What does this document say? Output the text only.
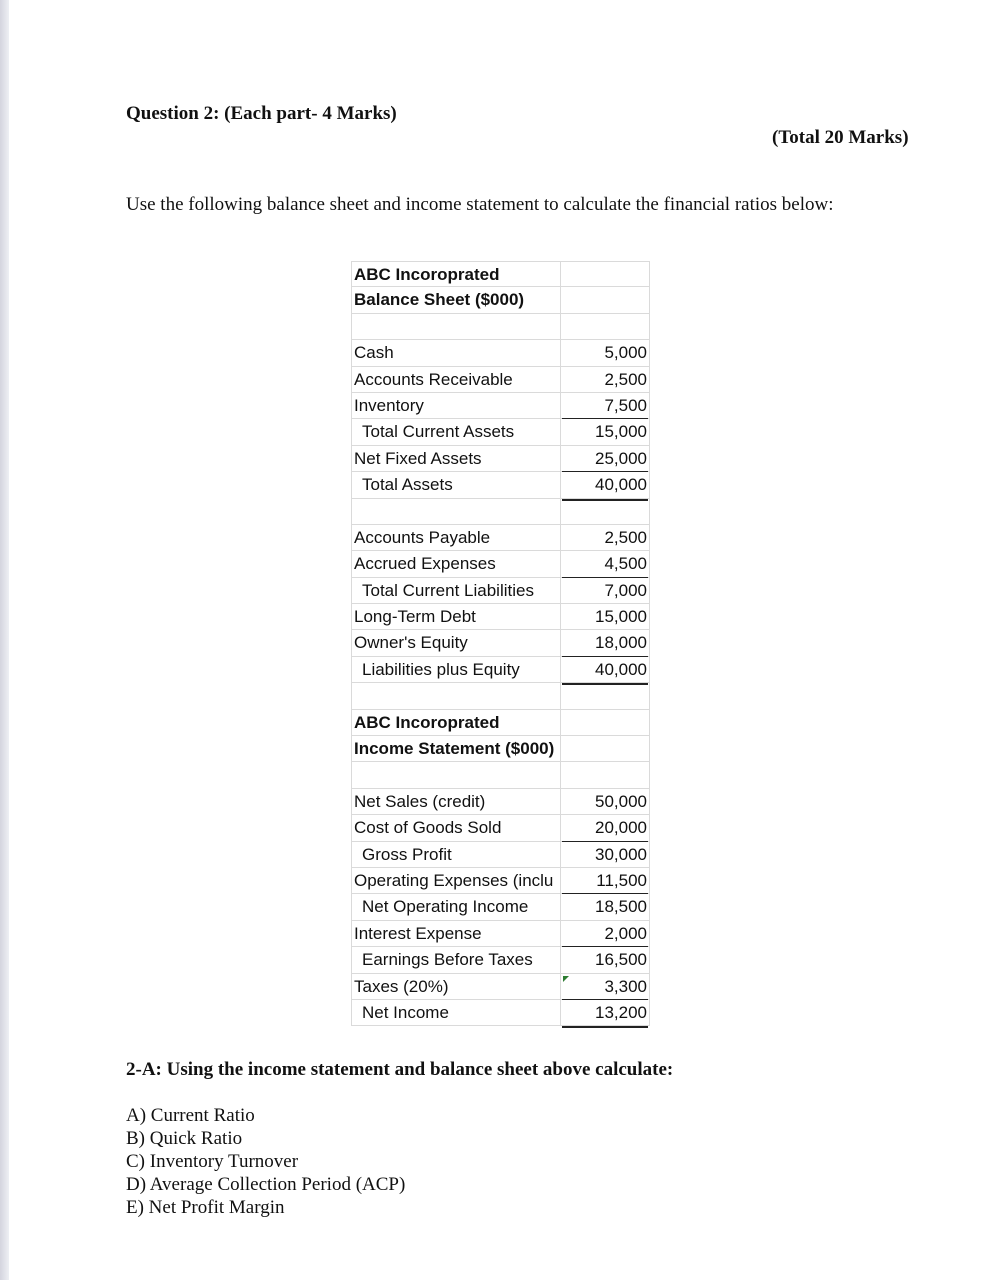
Question 2: (Each part- 4 Marks)
(Total 20 Marks)
Use the following balance sheet and income statement to calculate the financial ratios below:
ABC Incoroprated
Balance Sheet ($000)
Cash	5,000
Accounts Receivable	2,500
Inventory	7,500
Total Current Assets	15,000
Net Fixed Assets	25,000
Total Assets	40,000
Accounts Payable	2,500
Accrued Expenses	4,500
Total Current Liabilities	7,000
Long-Term Debt	15,000
Owner's Equity	18,000
Liabilities plus Equity	40,000
ABC Incoroprated
Income Statement ($000)
Net Sales (credit)	50,000
Cost of Goods Sold	20,000
Gross Profit	30,000
Operating Expenses (inclu	11,500
Net Operating Income	18,500
Interest Expense	2,000
Earnings Before Taxes	16,500
Taxes (20%)	3,300
Net Income	13,200
2-A: Using the income statement and balance sheet above calculate:
A) Current Ratio
B) Quick Ratio
C) Inventory Turnover
D) Average Collection Period (ACP)
E) Net Profit Margin
